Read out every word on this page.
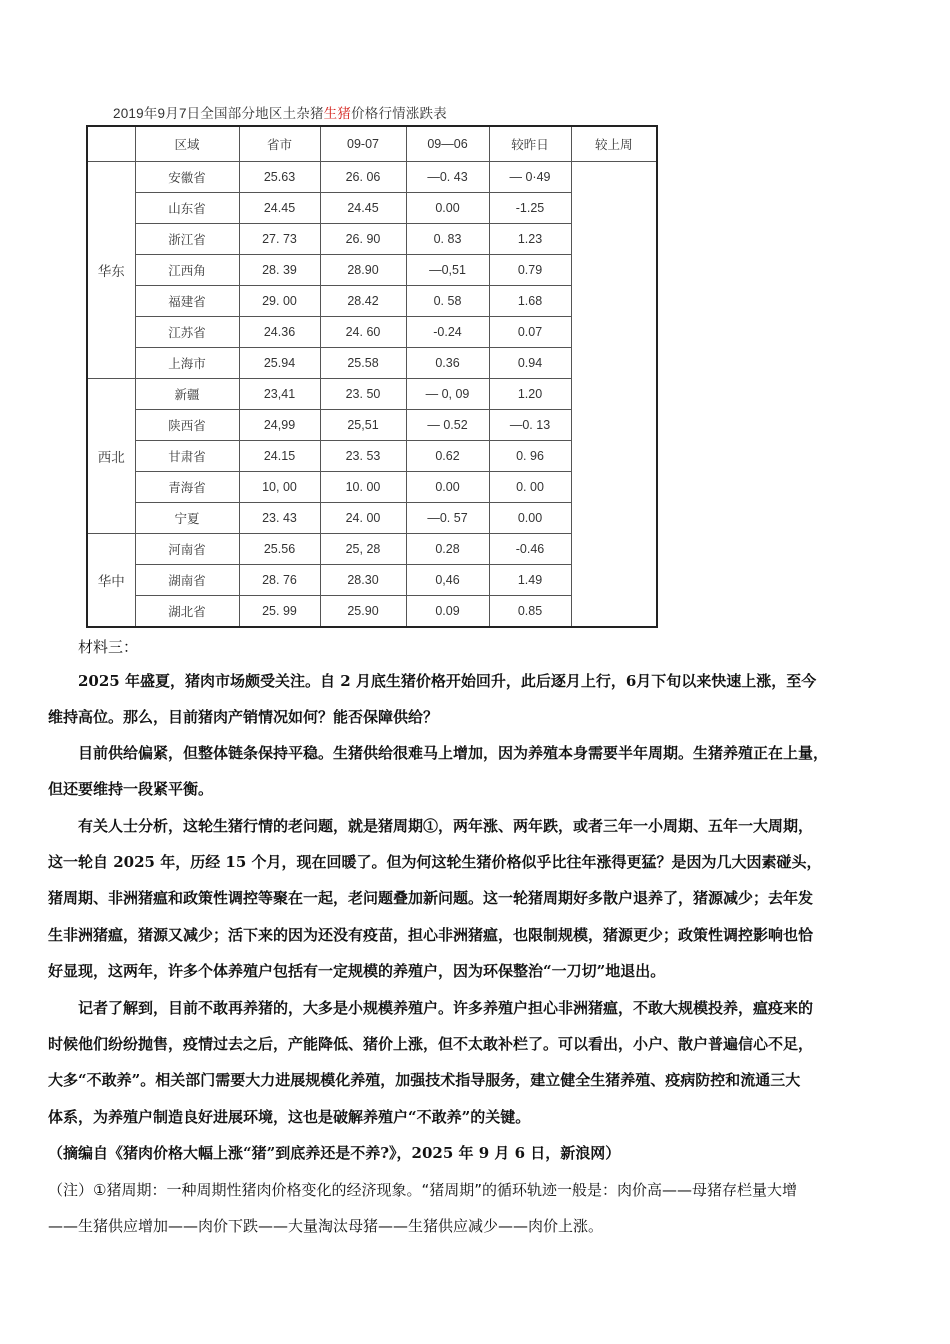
2019年9月7日全国部分地区土杂猪生猪价格行情涨跌表
	区域	省市	09-07	09—06	较昨日	较上周
华东	安徽省	25.63	26. 06	—0. 43	— 0·49	
	山东省	24.45	24.45	0.00	-1.25	
	浙江省	27. 73	26. 90	0. 83	1.23	
	江西角	28. 39	28.90	—0,51	0.79	
	福建省	29. 00	28.42	0. 58	1.68	
	江苏省	24.36	24. 60	-0.24	0.07	
	上海市	25.94	25.58	0.36	0.94	
西北	新疆	23,41	23. 50	— 0, 09	1.20	
	陕西省	24,99	25,51	— 0.52	—0. 13	
	甘肃省	24.15	23. 53	0.62	0. 96	
	青海省	10, 00	10. 00	0.00	0. 00	
	宁夏	23. 43	24. 00	—0. 57	0.00	
华中	河南省	25.56	25, 28	0.28	-0.46	
	湖南省	28. 76	28.30	0,46	1.49	
	湖北省	25. 99	25.90	0.09	0.85	
材料三：
　　2025 年盛夏，猪肉市场颇受关注。自 2 月底生猪价格开始回升，此后逐月上行，6月下旬以来快速上涨，至今
维持高位。那么，目前猪肉产销情况如何？能否保障供给？
　　目前供给偏紧，但整体链条保持平稳。生猪供给很难马上增加，因为养殖本身需要半年周期。生猪养殖正在上量，
但还要维持一段紧平衡。
　　有关人士分析，这轮生猪行情的老问题，就是猪周期①，两年涨、两年跌，或者三年一小周期、五年一大周期，
这一轮自 2025 年，历经 15 个月，现在回暖了。但为何这轮生猪价格似乎比往年涨得更猛？是因为几大因素碰头，
猪周期、非洲猪瘟和政策性调控等聚在一起，老问题叠加新问题。这一轮猪周期好多散户退养了，猪源减少；去年发
生非洲猪瘟，猪源又减少；活下来的因为还没有疫苗，担心非洲猪瘟，也限制规模，猪源更少；政策性调控影响也恰
好显现，这两年，许多个体养殖户包括有一定规模的养殖户，因为环保整治“一刀切”地退出。
　　记者了解到，目前不敢再养猪的，大多是小规模养殖户。许多养殖户担心非洲猪瘟，不敢大规模投养，瘟疫来的
时候他们纷纷抛售，疫情过去之后，产能降低、猪价上涨，但不太敢补栏了。可以看出，小户、散户普遍信心不足，
大多“不敢养”。相关部门需要大力进展规模化养殖，加强技术指导服务，建立健全生猪养殖、疫病防控和流通三大
体系，为养殖户制造良好进展环境，这也是破解养殖户“不敢养”的关键。
（摘编自《猪肉价格大幅上涨“猪”到底养还是不养?》，2025 年 9 月 6 日，新浪网）
（注）①猪周期：一种周期性猪肉价格变化的经济现象。“猪周期”的循环轨迹一般是：肉价高——母猪存栏量大增
——生猪供应增加——肉价下跌——大量淘汰母猪——生猪供应减少——肉价上涨。
